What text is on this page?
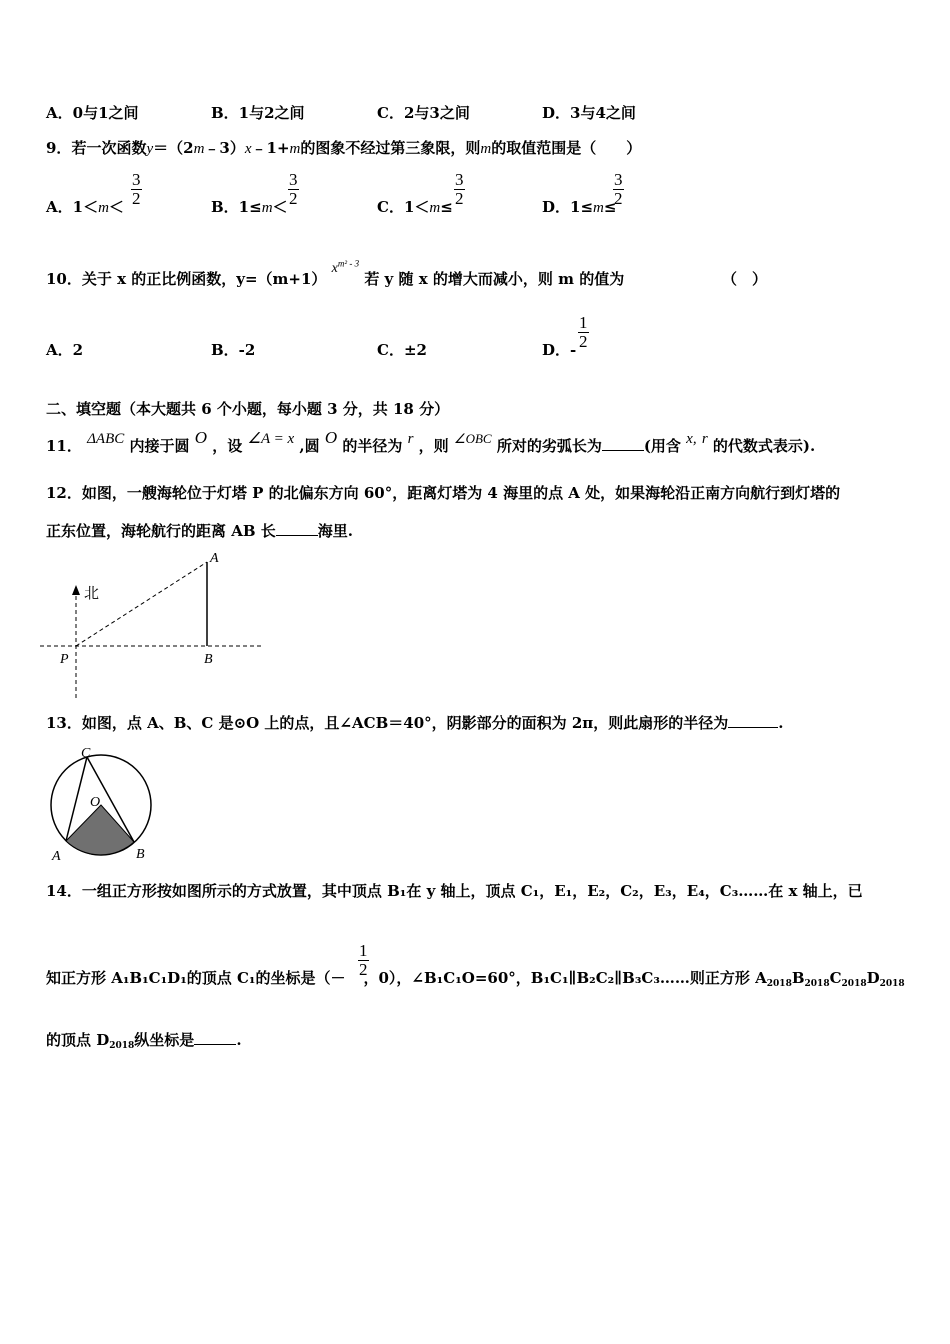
A．0与1之间	B．1与2之间	C．2与3之间	D．3与4之间
9．若一次函数y＝（2m﹣3）x﹣1+m的图象不经过第三象限，则m的取值范围是（　　）
A．$1<m< \frac{3}{2}$	B．$1\le m< \frac{3}{2}$	C．$1<m\le \frac{3}{2}$	D．1≤m≤
$\frac{3}{2}$
10．关于 x 的正比例函数，y=（m+1） $x^{m^2 - 3}$ 若 y 随 x 的增大而减小，则 m 的值为	（　）
A．2	B．-2	C．±2	D．- $\frac{1}{2}$
二、填空题（本大题共 6 个小题，每小题 3 分，共 18 分）
11． ΔABC 内接于圆 O ，设 ∠A = x ,圆 O 的半径为 r ，则 ∠OBC 所对的劣弧长为	(用含 x, r 的代数式表示).
12．如图，一艘海轮位于灯塔 P 的北偏东方向 60°，距离灯塔为 4 海里的点 A 处，如果海轮沿正南方向航行到灯塔的
正东位置，海轮航行的距离 AB 长	海里.
北
P
A
B
13．如图，点 A、B、C 是⊙O 上的点，且∠ACB＝40°，阴影部分的面积为 2π，则此扇形的半径为	.
C
O
A	B
14．一组正方形按如图所示的方式放置，其中顶点 B₁在 y 轴上，顶点 C₁，E₁，E₂，C₂，E₃，E₄，C₃……在 x 轴上，已
知正方形 A₁B₁C₁D₁的顶点 C₁的坐标是（－ ，0），∠B₁C₁O=60°，B₁C₁∥B₂C₂∥B₃C₃……则正方形 $A_{2018}B_{2018}C_{2018}D_{2018}$
$\frac{1}{2}$
的顶点 $D_{2018}$纵坐标是	.
